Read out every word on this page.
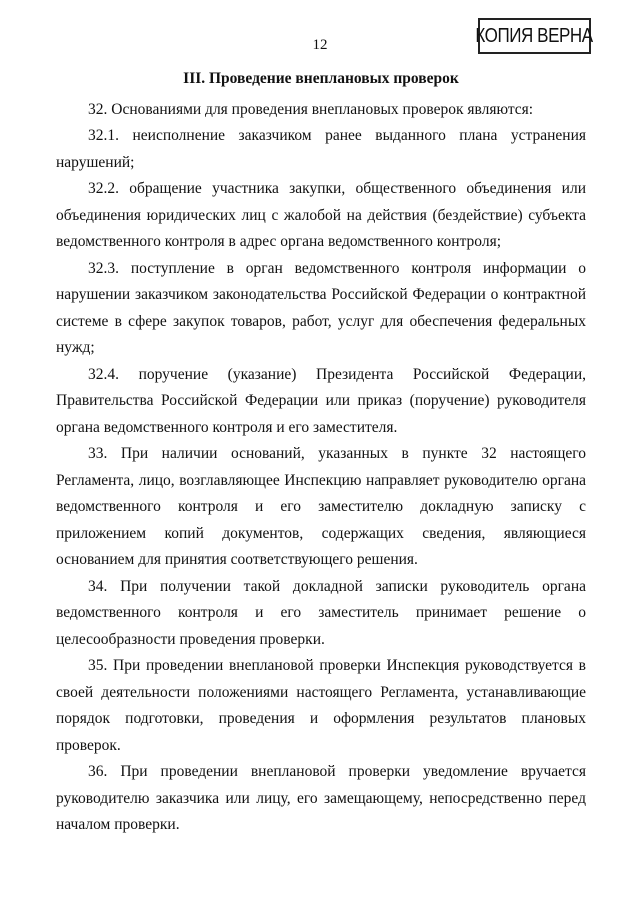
12	КОПИЯ ВЕРНА
III. Проведение внеплановых проверок

32. Основаниями для проведения внеплановых проверок являются:

32.1. неисполнение заказчиком ранее выданного плана устранения нарушений;

32.2. обращение участника закупки, общественного объединения или объединения юридических лиц с жалобой на действия (бездействие) субъекта ведомственного контроля в адрес органа ведомственного контроля;

32.3. поступление в орган ведомственного контроля информации о нарушении заказчиком законодательства Российской Федерации о контрактной системе в сфере закупок товаров, работ, услуг для обеспечения федеральных нужд;

32.4. поручение (указание) Президента Российской Федерации, Правительства Российской Федерации или приказ (поручение) руководителя органа ведомственного контроля и его заместителя.

33. При наличии оснований, указанных в пункте 32 настоящего Регламента, лицо, возглавляющее Инспекцию направляет руководителю органа ведомственного контроля и его заместителю докладную записку с приложением копий документов, содержащих сведения, являющиеся основанием для принятия соответствующего решения.

34. При получении такой докладной записки руководитель органа ведомственного контроля и его заместитель принимает решение о целесообразности проведения проверки.

35. При проведении внеплановой проверки Инспекция руководствуется в своей деятельности положениями настоящего Регламента, устанавливающие порядок подготовки, проведения и оформления результатов плановых проверок.

36. При проведении внеплановой проверки уведомление вручается руководителю заказчика или лицу, его замещающему, непосредственно перед началом проверки.
